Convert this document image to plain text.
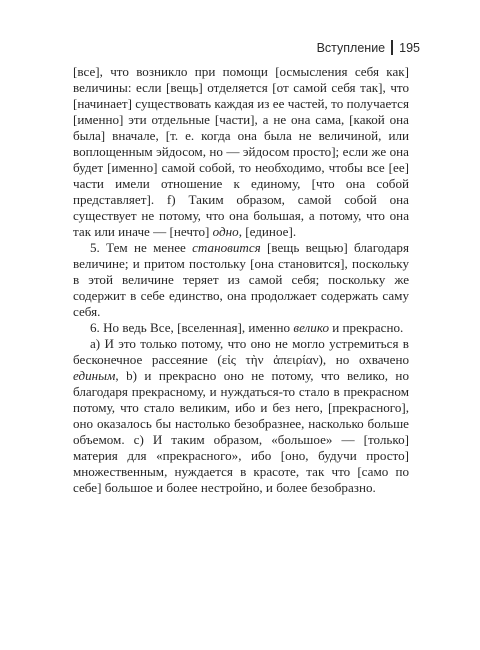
Вступление 195

[все], что возникло при помощи [осмысления себя как] величины: если [вещь] отделяется [от самой себя так], что [начинает] существовать каждая из ее частей, то получается [именно] эти отдельные [части], а не она сама, [какой она была] вначале, [т. е. когда она была не величиной, или воплощенным эйдосом, но — эйдосом просто]; если же она будет [именно] самой собой, то необходимо, чтобы все [ее] части имели отношение к единому, [что она собой представляет]. f) Таким образом, самой собой она существует не потому, что она большая, а потому, что она так или иначе — [нечто] одно, [единое].

5. Тем не менее становится [вещь вещью] благодаря величине; и притом постольку [она становится], поскольку в этой величине теряет из самой себя; поскольку же содержит в себе единство, она продолжает содержать саму себя.

6. Но ведь Все, [вселенная], именно велико и прекрасно.

a) И это только потому, что оно не могло устремиться в бесконечное рассеяние (εἰς τὴν ἀπειρίαν), но охвачено единым, b) и прекрасно оно не потому, что велико, но благодаря прекрасному, и нуждаться-то стало в прекрасном потому, что стало великим, ибо и без него, [прекрасного], оно оказалось бы настолько безобразнее, насколько больше объемом. c) И таким образом, «большое» — [только] материя для «прекрасного», ибо [оно, будучи просто] множественным, нуждается в красоте, так что [само по себе] большое и более нестройно, и более безобразно.
